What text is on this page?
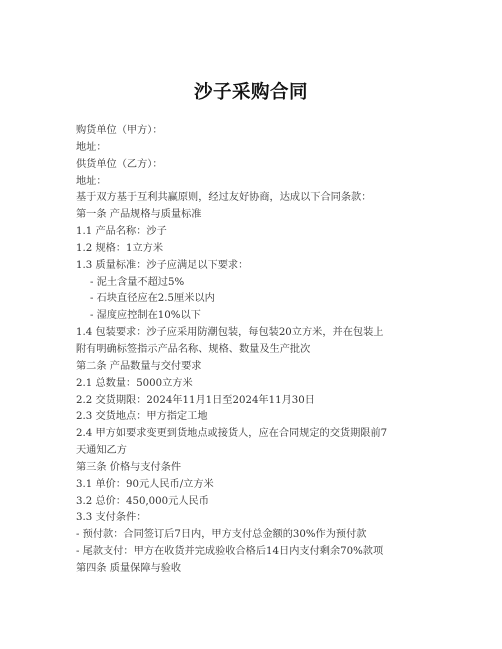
沙子采购合同
购货单位（甲方）：
地址：
供货单位（乙方）：
地址：
基于双方基于互利共赢原则，经过友好协商，达成以下合同条款：
第一条 产品规格与质量标准
1.1 产品名称：沙子
1.2 规格：1立方米
1.3 质量标准：沙子应满足以下要求：
- 泥土含量不超过5%
- 石块直径应在2.5厘米以内
- 湿度应控制在10%以下
1.4 包装要求：沙子应采用防潮包装，每包装20立方米，并在包装上
附有明确标签指示产品名称、规格、数量及生产批次
第二条 产品数量与交付要求
2.1 总数量：5000立方米
2.2 交货期限：2024年11月1日至2024年11月30日
2.3 交货地点：甲方指定工地
2.4 甲方如要求变更到货地点或接货人，应在合同规定的交货期限前7
天通知乙方
第三条 价格与支付条件
3.1 单价：90元人民币/立方米
3.2 总价：450,000元人民币
3.3 支付条件：
- 预付款：合同签订后7日内，甲方支付总金额的30%作为预付款
- 尾款支付：甲方在收货并完成验收合格后14日内支付剩余70%款项
第四条 质量保障与验收
